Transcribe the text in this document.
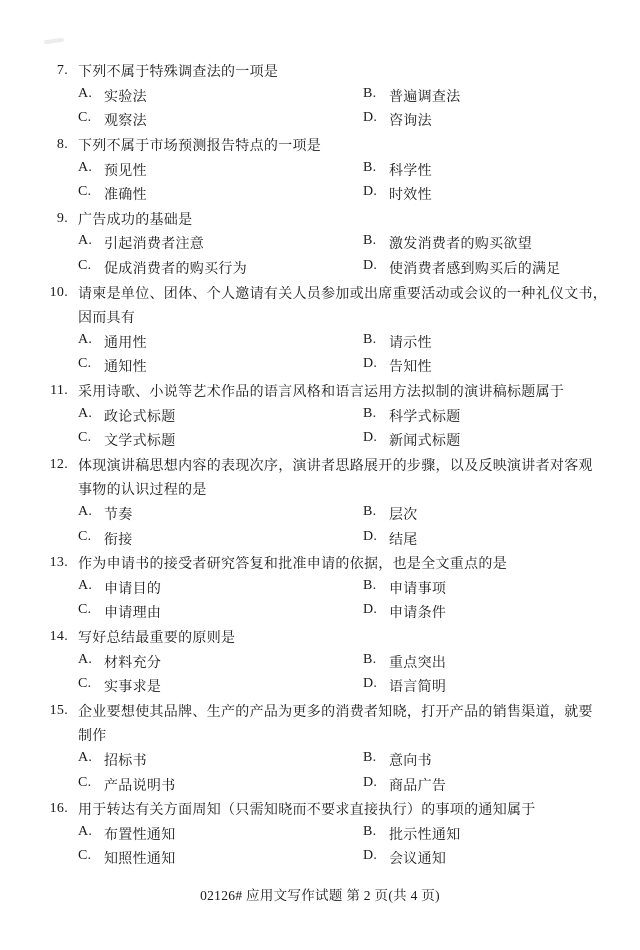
7. 下列不属于特殊调查法的一项是
A. 实验法	B. 普遍调查法
C. 观察法	D. 咨询法
8. 下列不属于市场预测报告特点的一项是
A. 预见性	B. 科学性
C. 准确性	D. 时效性
9. 广告成功的基础是
A. 引起消费者注意	B. 激发消费者的购买欲望
C. 促成消费者的购买行为	D. 使消费者感到购买后的满足
10. 请柬是单位、团体、个人邀请有关人员参加或出席重要活动或会议的一种礼仪文书，
因而具有
A. 通用性	B. 请示性
C. 通知性	D. 告知性
11. 采用诗歌、小说等艺术作品的语言风格和语言运用方法拟制的演讲稿标题属于
A. 政论式标题	B. 科学式标题
C. 文学式标题	D. 新闻式标题
12. 体现演讲稿思想内容的表现次序，演讲者思路展开的步骤，以及反映演讲者对客观
事物的认识过程的是
A. 节奏	B. 层次
C. 衔接	D. 结尾
13. 作为申请书的接受者研究答复和批准申请的依据，也是全文重点的是
A. 申请目的	B. 申请事项
C. 申请理由	D. 申请条件
14. 写好总结最重要的原则是
A. 材料充分	B. 重点突出
C. 实事求是	D. 语言简明
15. 企业要想使其品牌、生产的产品为更多的消费者知晓，打开产品的销售渠道，就要
制作
A. 招标书	B. 意向书
C. 产品说明书	D. 商品广告
16. 用于转达有关方面周知（只需知晓而不要求直接执行）的事项的通知属于
A. 布置性通知	B. 批示性通知
C. 知照性通知	D. 会议通知
02126# 应用文写作试题 第 2 页(共 4 页)
